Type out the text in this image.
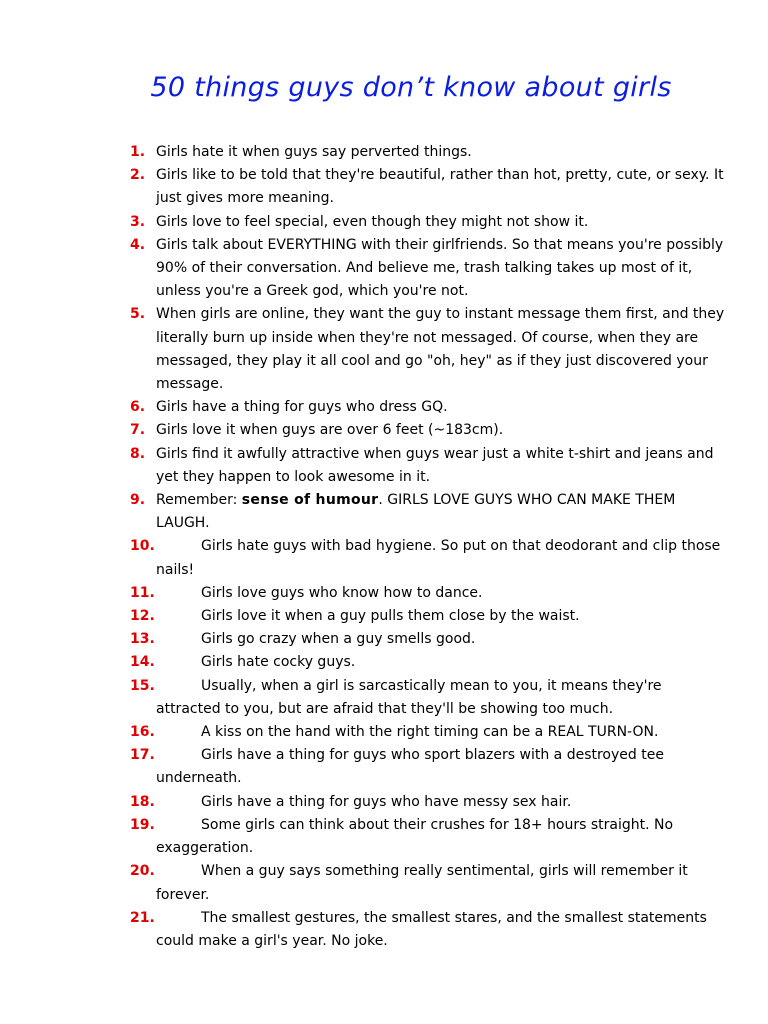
50 things guys don’t know about girls
1. Girls hate it when guys say perverted things.
2. Girls like to be told that they're beautiful, rather than hot, pretty, cute, or sexy. It just gives more meaning.
3. Girls love to feel special, even though they might not show it.
4. Girls talk about EVERYTHING with their girlfriends. So that means you're possibly 90% of their conversation. And believe me, trash talking takes up most of it, unless you're a Greek god, which you're not.
5. When girls are online, they want the guy to instant message them first, and they literally burn up inside when they're not messaged. Of course, when they are messaged, they play it all cool and go "oh, hey" as if they just discovered your message.
6. Girls have a thing for guys who dress GQ.
7. Girls love it when guys are over 6 feet (~183cm).
8. Girls find it awfully attractive when guys wear just a white t-shirt and jeans and yet they happen to look awesome in it.
9. Remember: sense of humour. GIRLS LOVE GUYS WHO CAN MAKE THEM LAUGH.
10.	Girls hate guys with bad hygiene. So put on that deodorant and clip those nails!
11.	Girls love guys who know how to dance.
12.	Girls love it when a guy pulls them close by the waist.
13.	Girls go crazy when a guy smells good.
14.	Girls hate cocky guys.
15.	Usually, when a girl is sarcastically mean to you, it means they're attracted to you, but are afraid that they'll be showing too much.
16.	A kiss on the hand with the right timing can be a REAL TURN-ON.
17.	Girls have a thing for guys who sport blazers with a destroyed tee underneath.
18.	Girls have a thing for guys who have messy sex hair.
19.	Some girls can think about their crushes for 18+ hours straight. No exaggeration.
20.	When a guy says something really sentimental, girls will remember it forever.
21.	The smallest gestures, the smallest stares, and the smallest statements could make a girl's year. No joke.
